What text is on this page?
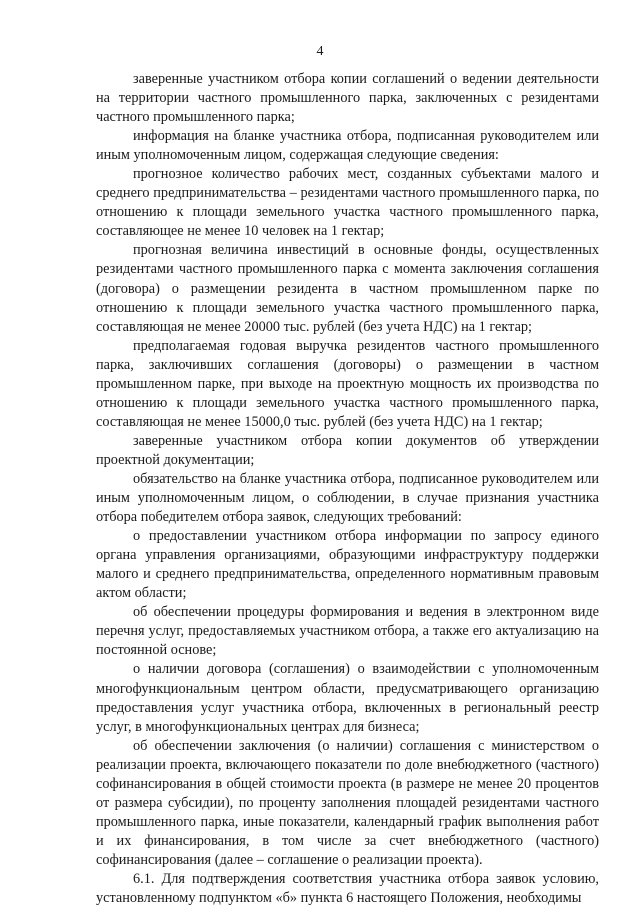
4

заверенные участником отбора копии соглашений о ведении деятельности на территории частного промышленного парка, заключенных с резидентами частного промышленного парка;

информация на бланке участника отбора, подписанная руководителем или иным уполномоченным лицом, содержащая следующие сведения:

прогнозное количество рабочих мест, созданных субъектами малого и среднего предпринимательства – резидентами частного промышленного парка, по отношению к площади земельного участка частного промышленного парка, составляющее не менее 10 человек на 1 гектар;

прогнозная величина инвестиций в основные фонды, осуществленных резидентами частного промышленного парка с момента заключения соглашения (договора) о размещении резидента в частном промышленном парке по отношению к площади земельного участка частного промышленного парка, составляющая не менее 20000 тыс. рублей (без учета НДС) на 1 гектар;

предполагаемая годовая выручка резидентов частного промышленного парка, заключивших соглашения (договоры) о размещении в частном промышленном парке, при выходе на проектную мощность их производства по отношению к площади земельного участка частного промышленного парка, составляющая не менее 15000,0 тыс. рублей (без учета НДС) на 1 гектар;

заверенные участником отбора копии документов об утверждении проектной документации;

обязательство на бланке участника отбора, подписанное руководителем или иным уполномоченным лицом, о соблюдении, в случае признания участника отбора победителем отбора заявок, следующих требований:

о предоставлении участником отбора информации по запросу единого органа управления организациями, образующими инфраструктуру поддержки малого и среднего предпринимательства, определенного нормативным правовым актом области;

об обеспечении процедуры формирования и ведения в электронном виде перечня услуг, предоставляемых участником отбора, а также его актуализацию на постоянной основе;

о наличии договора (соглашения) о взаимодействии с уполномоченным многофункциональным центром области, предусматривающего организацию предоставления услуг участника отбора, включенных в региональный реестр услуг, в многофункциональных центрах для бизнеса;

об обеспечении заключения (о наличии) соглашения с министерством о реализации проекта, включающего показатели по доле внебюджетного (частного) софинансирования в общей стоимости проекта (в размере не менее 20 процентов от размера субсидии), по проценту заполнения площадей резидентами частного промышленного парка, иные показатели, календарный график выполнения работ и их финансирования, в том числе за счет внебюджетного (частного) софинансирования (далее – соглашение о реализации проекта).

6.1. Для подтверждения соответствия участника отбора заявок условию, установленному подпунктом «б» пункта 6 настоящего Положения, необходимы
